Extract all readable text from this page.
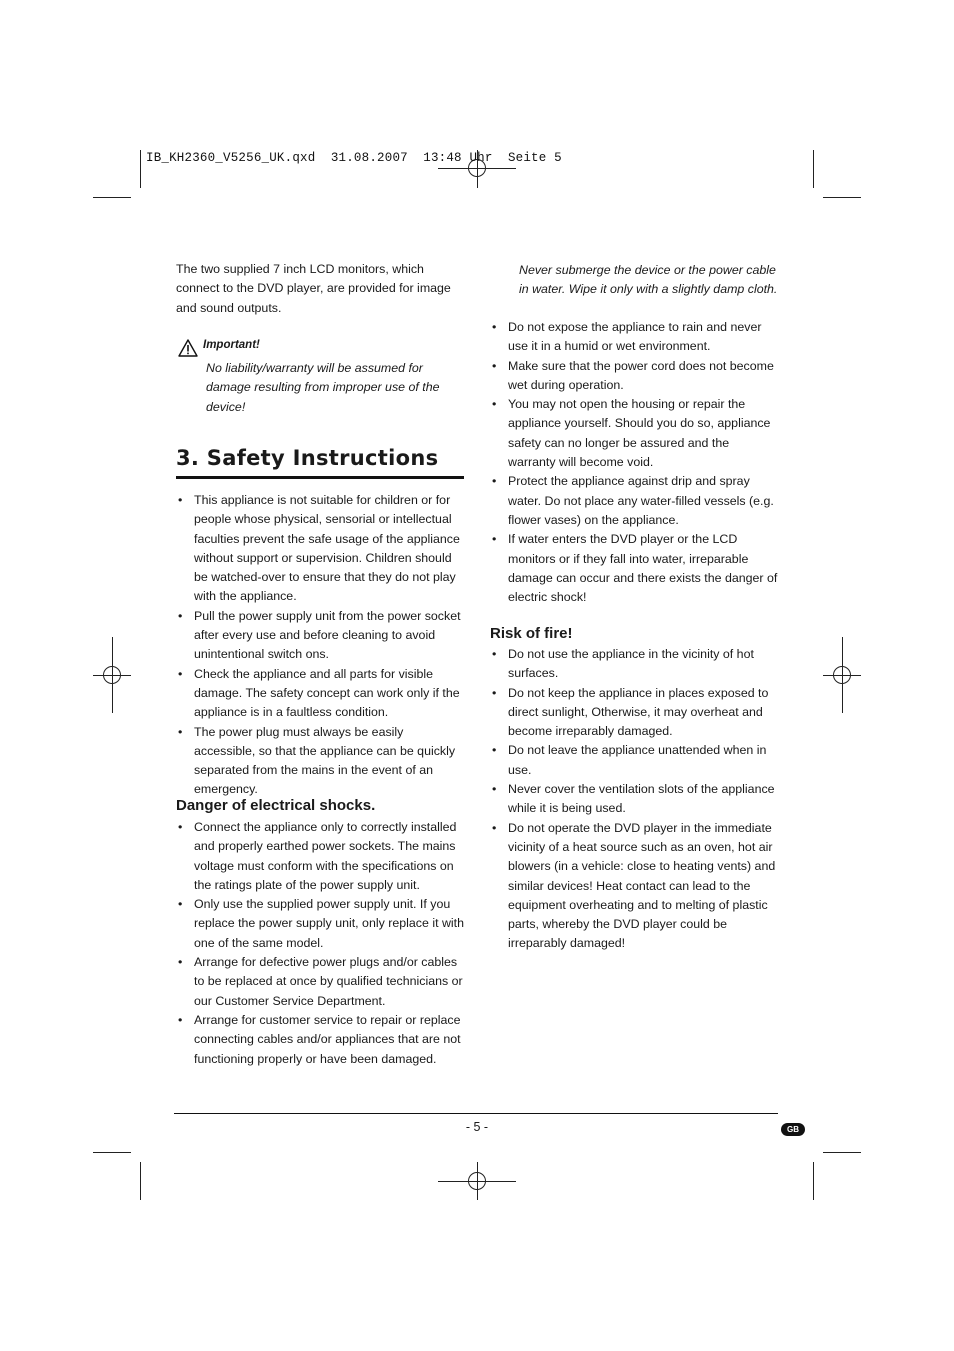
IB_KH2360_V5256_UK.qxd  31.08.2007  13:48 Uhr  Seite 5

The two supplied 7 inch LCD monitors, which connect to the DVD player, are provided for image and sound outputs.

Important!

No liability/warranty will be assumed for damage resulting from improper use of the device!

3. Safety Instructions
• This appliance is not suitable for children or for people whose physical, sensorial or intellectual faculties prevent the safe usage of the appliance without support or supervision. Children should be watched-over to ensure that they do not play with the appliance.
• Pull the power supply unit from the power socket after every use and before cleaning to avoid unintentional switch ons.
• Check the appliance and all parts for visible damage. The safety concept can work only if the appliance is in a faultless condition.
• The power plug must always be easily accessible, so that the appliance can be quickly separated from the mains in the event of an emergency.
Danger of electrical shocks.
• Connect the appliance only to correctly installed and properly earthed power sockets. The mains voltage must conform with the specifications on the ratings plate of the power supply unit.
• Only use the supplied power supply unit. If you replace the power supply unit, only replace it with one of the same model.
• Arrange for defective power plugs and/or cables to be replaced at once by qualified technicians or our Customer Service Department.
• Arrange for customer service to repair or replace connecting cables and/or appliances that are not functioning properly or have been damaged.

Never submerge the device or the power cable in water. Wipe it only with a slightly damp cloth.

• Do not expose the appliance to rain and never use it in a humid or wet environment.
• Make sure that the power cord does not become wet during operation.
• You may not open the housing or repair the appliance yourself. Should you do so, appliance safety can no longer be assured and the warranty will become void.
• Protect the appliance against drip and spray water. Do not place any water-filled vessels (e.g. flower vases) on the appliance.
• If water enters the DVD player or the LCD monitors or if they fall into water, irreparable damage can occur and there exists the danger of electric shock!
Risk of fire!
• Do not use the appliance in the vicinity of hot surfaces.
• Do not keep the appliance in places exposed to direct sunlight, Otherwise, it may overheat and become irreparably damaged.
• Do not leave the appliance unattended when in use.
• Never cover the ventilation slots of the appliance while it is being used.
• Do not operate the DVD player in the immediate vicinity of a heat source such as an oven, hot air blowers (in a vehicle: close to heating vents) and similar devices! Heat contact can lead to the equipment overheating and to melting of plastic parts, whereby the DVD player could be irreparably damaged!
- 5 -	GB
